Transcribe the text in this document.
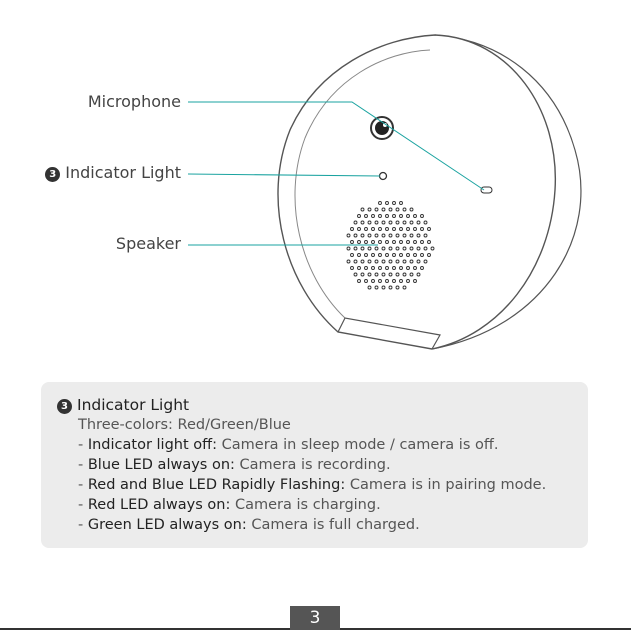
Microphone
3 Indicator Light
Speaker
3 Indicator Light
Three-colors: Red/Green/Blue
- Indicator light off: Camera in sleep mode / camera is off.
- Blue LED always on: Camera is recording.
- Red and Blue LED Rapidly Flashing: Camera is in pairing mode.
- Red LED always on: Camera is charging.
- Green LED always on: Camera is full charged.
3
